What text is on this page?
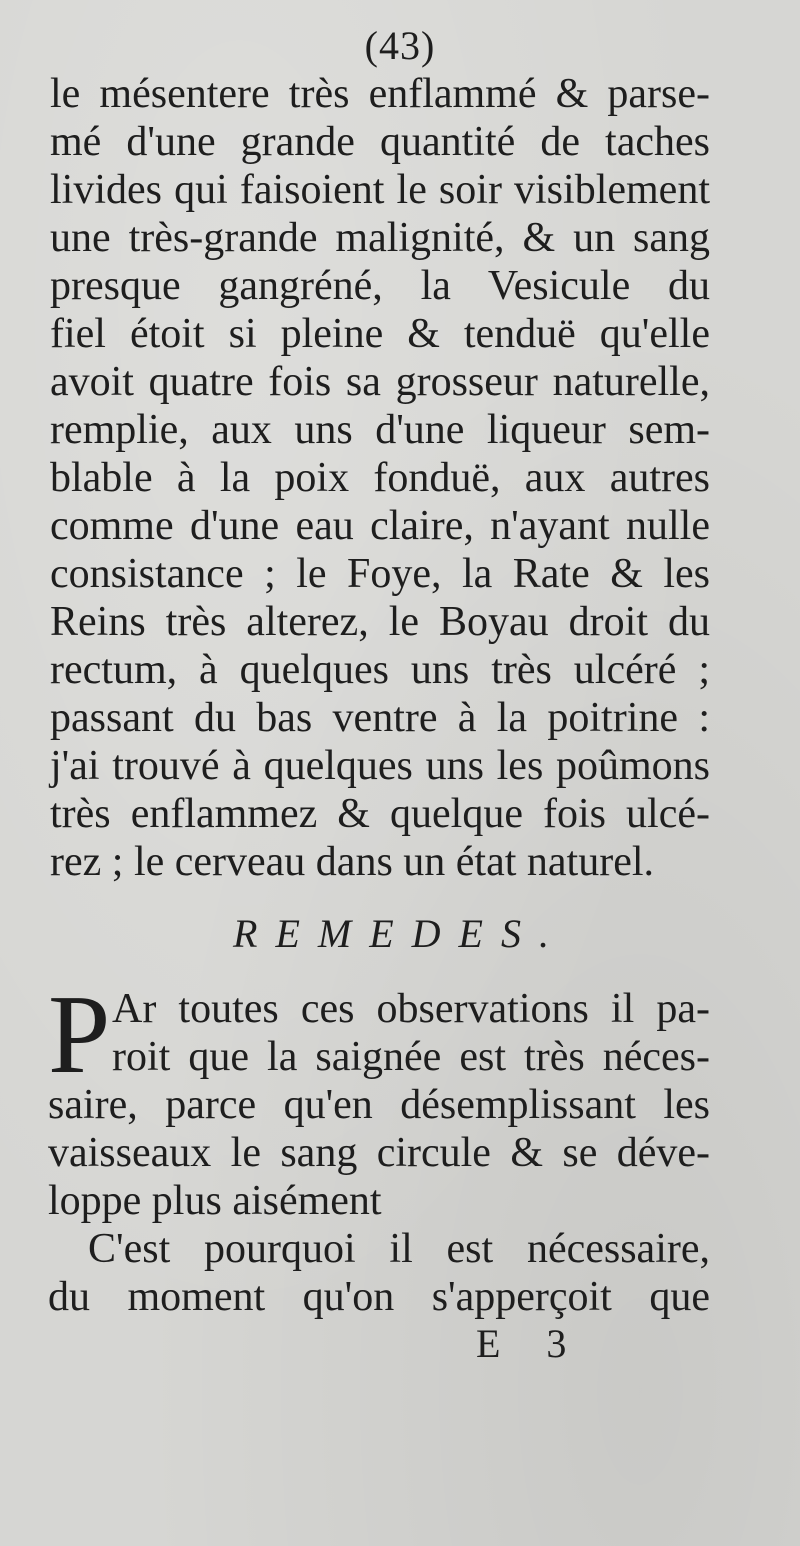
(43)
le mésentere très enflammé & parse-
mé d'une grande quantité de taches
livides qui faisoient le soir visiblement
une très-grande malignité, & un sang
presque gangréné, la Vesicule du
fiel étoit si pleine & tenduë qu'elle
avoit quatre fois sa grosseur naturelle,
remplie, aux uns d'une liqueur sem-
blable à la poix fonduë, aux autres
comme d'une eau claire, n'ayant nulle
consistance ; le Foye, la Rate & les
Reins très alterez, le Boyau droit du
rectum, à quelques uns très ulcéré ;
passant du bas ventre à la poitrine :
j'ai trouvé à quelques uns les poûmons
très enflammez & quelque fois ulcé-
rez ; le cerveau dans un état naturel.
REMEDES.
P Ar toutes ces observations il pa-
roit que la saignée est très néces-
saire, parce qu'en désemplissant les
vaisseaux le sang circule & se déve-
loppe plus aisément
C'est pourquoi il est nécessaire,
du moment qu'on s'apperçoit que
E 3
